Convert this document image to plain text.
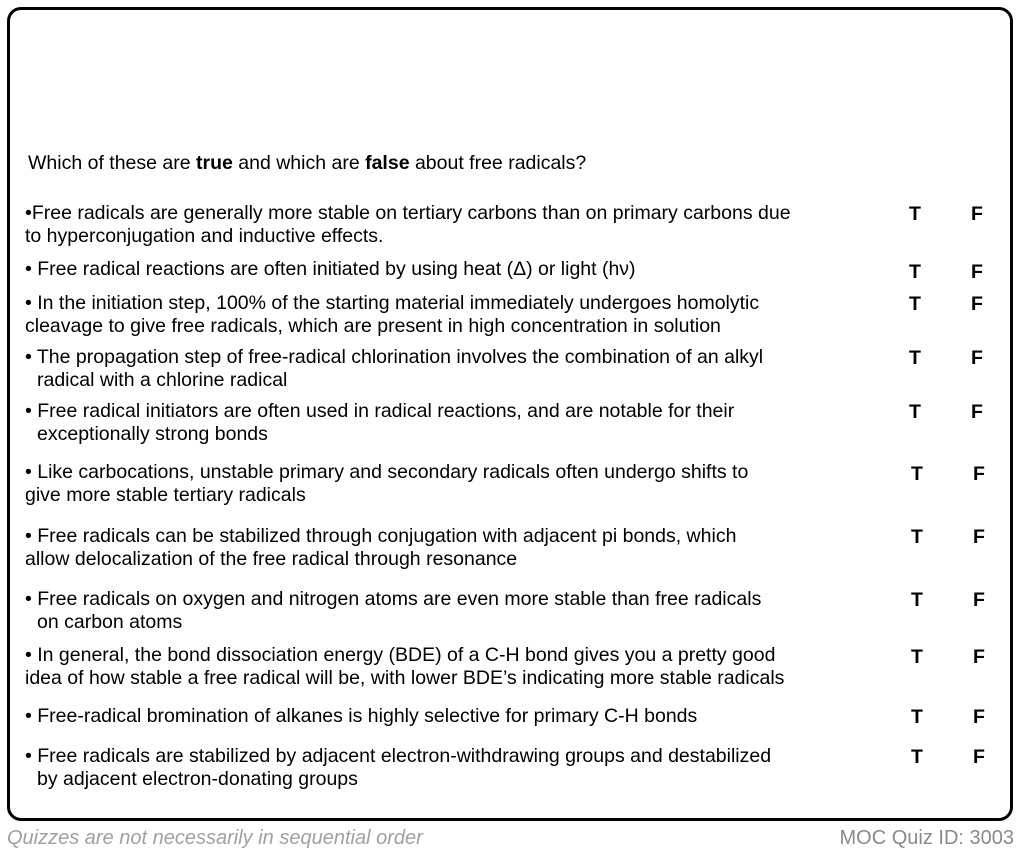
Which of these are true and which are false about free radicals?
•Free radicals are generally more stable on tertiary carbons than on primary carbons due
to hyperconjugation and inductive effects.
T	F
• Free radical reactions are often initiated by using heat (Δ) or light (hν)	T	F
• In the initiation step, 100% of the starting material immediately undergoes homolytic
cleavage to give free radicals, which are present in high concentration in solution
T	F
• The propagation step of free-radical chlorination involves the combination of an alkyl
radical with a chlorine radical
T	F
• Free radical initiators are often used in radical reactions, and are notable for their
exceptionally strong bonds
T	F
• Like carbocations, unstable primary and secondary radicals often undergo shifts to
give more stable tertiary radicals
T	F
• Free radicals can be stabilized through conjugation with adjacent pi bonds, which
allow delocalization of the free radical through resonance
T	F
• Free radicals on oxygen and nitrogen atoms are even more stable than free radicals
on carbon atoms
T	F
• In general, the bond dissociation energy (BDE) of a C-H bond gives you a pretty good
idea of how stable a free radical will be, with lower BDE’s indicating more stable radicals
T	F
• Free-radical bromination of alkanes is highly selective for primary C-H bonds	T	F
• Free radicals are stabilized by adjacent electron-withdrawing groups and destabilized
by adjacent electron-donating groups
T	F
Quizzes are not necessarily in sequential order	MOC Quiz ID: 3003
